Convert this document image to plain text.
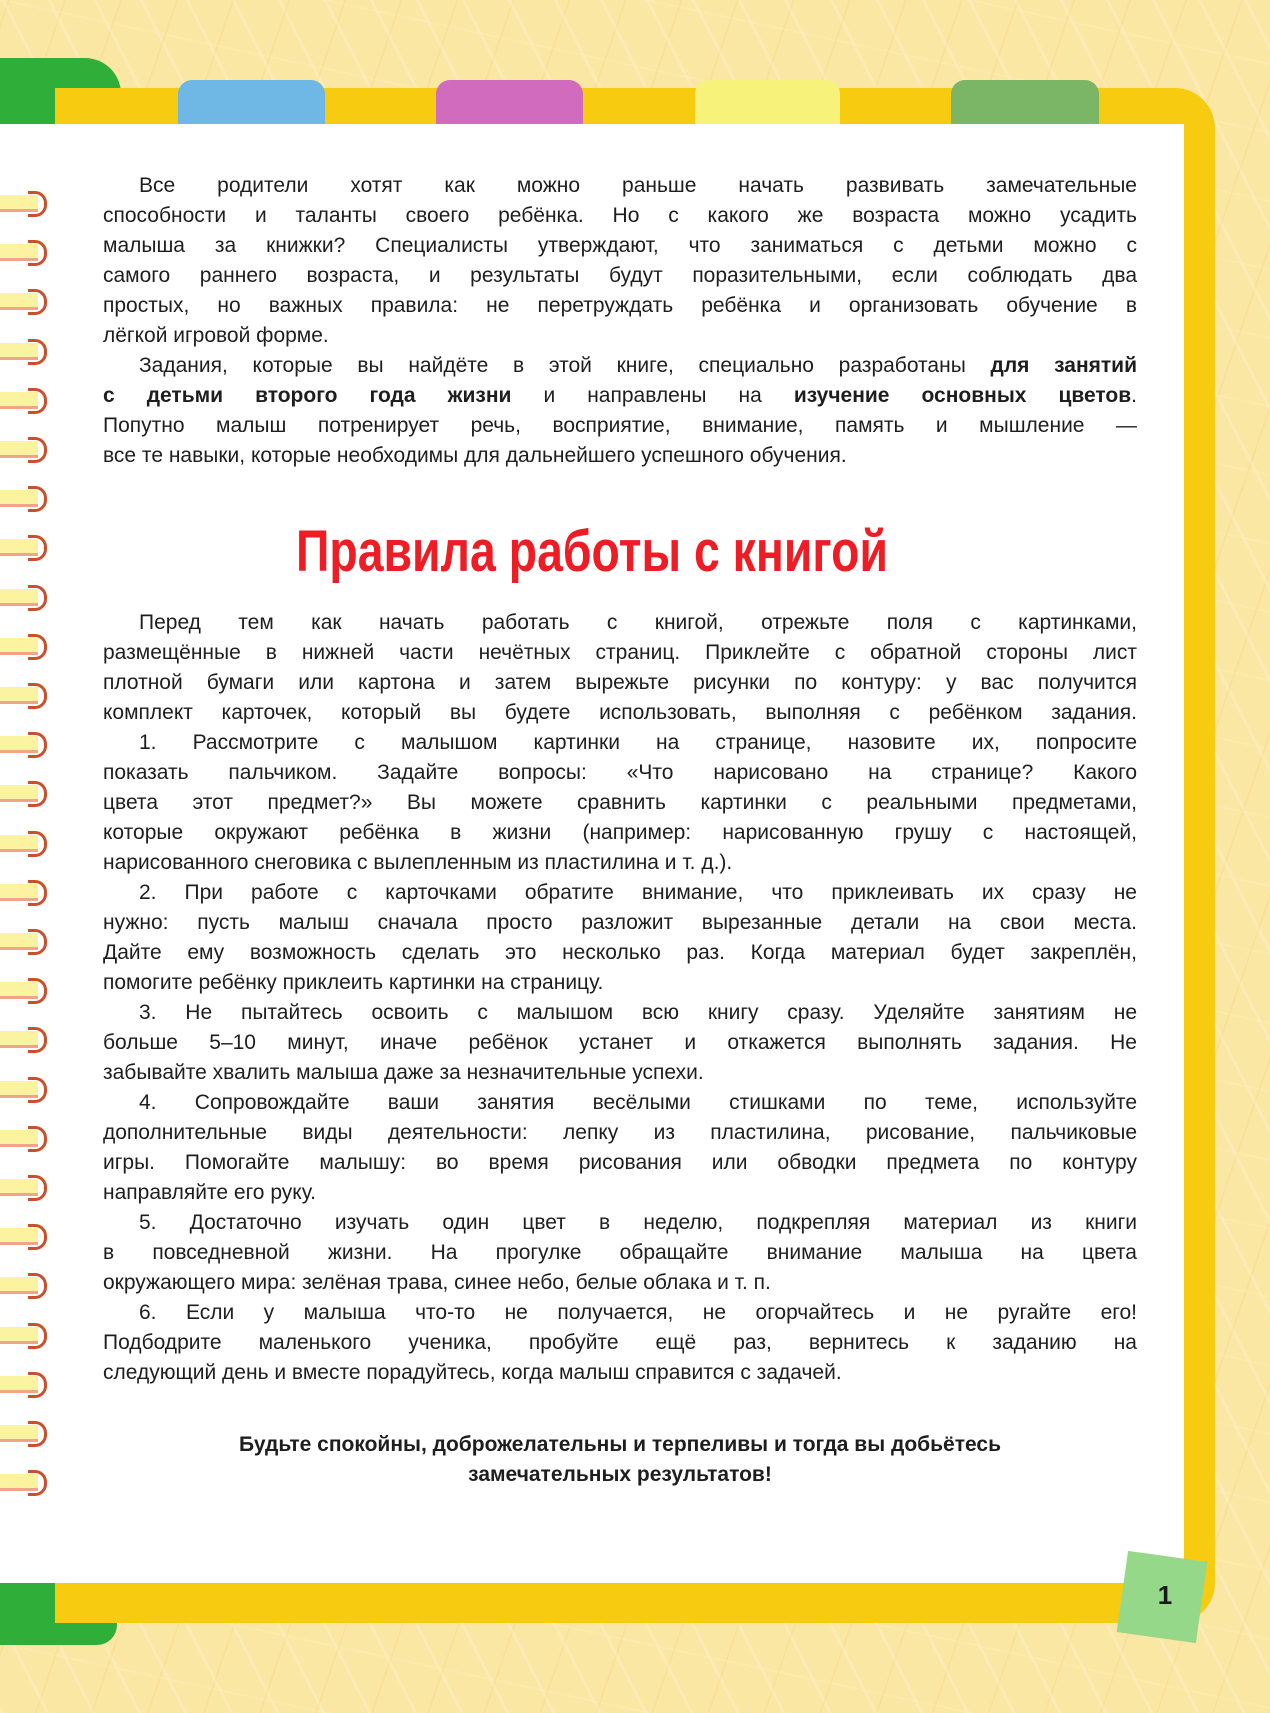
Все родители хотят как можно раньше начать развивать замечательные
способности и таланты своего ребёнка. Но с какого же возраста можно усадить
малыша за книжки? Специалисты утверждают, что заниматься с детьми можно с
самого раннего возраста, и результаты будут поразительными, если соблюдать два
простых, но важных правила: не перетруждать ребёнка и организовать обучение в
лёгкой игровой форме.
Задания, которые вы найдёте в этой книге, специально разработаны для занятий
с детьми второго года жизни и направлены на изучение основных цветов.
Попутно малыш потренирует речь, восприятие, внимание, память и мышление —
все те навыки, которые необходимы для дальнейшего успешного обучения.
Правила работы с книгой
Перед тем как начать работать с книгой, отрежьте поля с картинками,
размещённые в нижней части нечётных страниц. Приклейте с обратной стороны лист
плотной бумаги или картона и затем вырежьте рисунки по контуру: у вас получится
комплект карточек, который вы будете использовать, выполняя с ребёнком задания.
1. Рассмотрите с малышом картинки на странице, назовите их, попросите
показать пальчиком. Задайте вопросы: «Что нарисовано на странице? Какого
цвета этот предмет?» Вы можете сравнить картинки с реальными предметами,
которые окружают ребёнка в жизни (например: нарисованную грушу с настоящей,
нарисованного снеговика с вылепленным из пластилина и т. д.).
2. При работе с карточками обратите внимание, что приклеивать их сразу не
нужно: пусть малыш сначала просто разложит вырезанные детали на свои места.
Дайте ему возможность сделать это несколько раз. Когда материал будет закреплён,
помогите ребёнку приклеить картинки на страницу.
3. Не пытайтесь освоить с малышом всю книгу сразу. Уделяйте занятиям не
больше 5–10 минут, иначе ребёнок устанет и откажется выполнять задания. Не
забывайте хвалить малыша даже за незначительные успехи.
4. Сопровождайте ваши занятия весёлыми стишками по теме, используйте
дополнительные виды деятельности: лепку из пластилина, рисование, пальчиковые
игры. Помогайте малышу: во время рисования или обводки предмета по контуру
направляйте его руку.
5. Достаточно изучать один цвет в неделю, подкрепляя материал из книги
в повседневной жизни. На прогулке обращайте внимание малыша на цвета
окружающего мира: зелёная трава, синее небо, белые облака и т. п.
6. Если у малыша что-то не получается, не огорчайтесь и не ругайте его!
Подбодрите маленького ученика, пробуйте ещё раз, вернитесь к заданию на
следующий день и вместе порадуйтесь, когда малыш справится с задачей.
Будьте спокойны, доброжелательны и терпеливы и тогда вы добьётесь
замечательных результатов!
1
